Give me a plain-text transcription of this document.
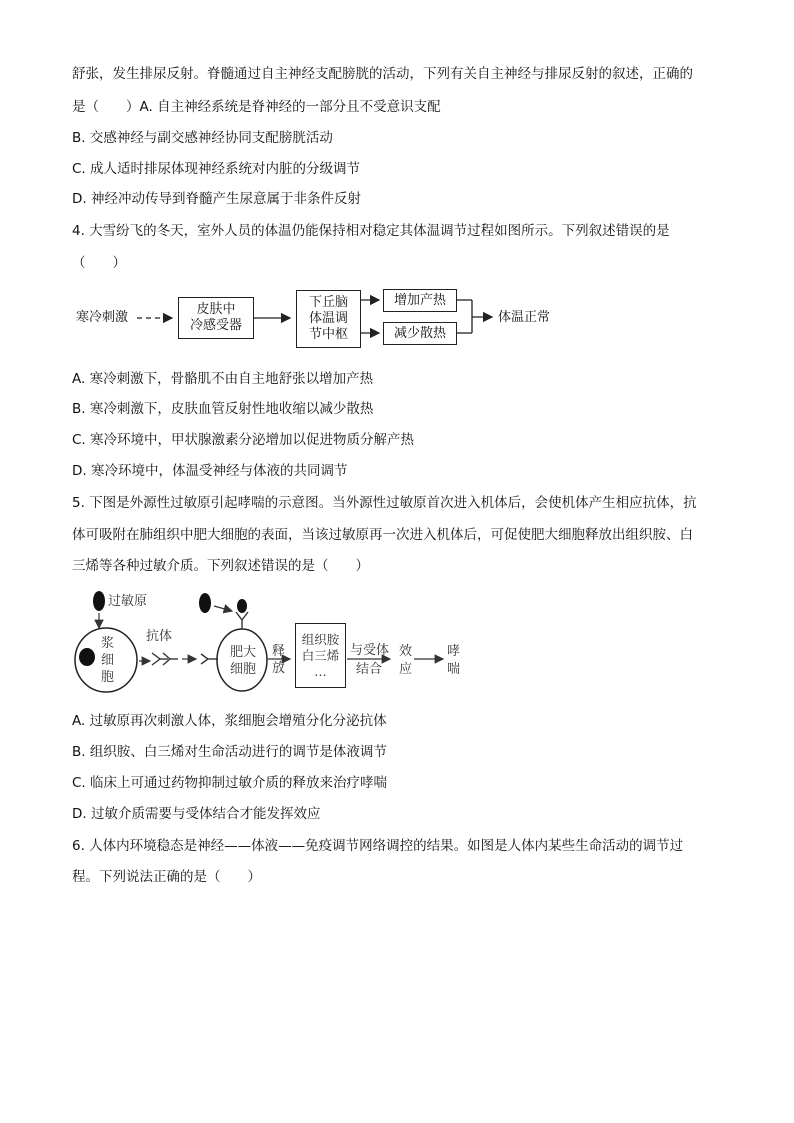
舒张，发生排尿反射。脊髓通过自主神经支配膀胱的活动，下列有关自主神经与排尿反射的叙述，正确的
是（　　）A. 自主神经系统是脊神经的一部分且不受意识支配
B. 交感神经与副交感神经协同支配膀胱活动
C. 成人适时排尿体现神经系统对内脏的分级调节
D. 神经冲动传导到脊髓产生尿意属于非条件反射
4. 大雪纷飞的冬天，室外人员的体温仍能保持相对稳定其体温调节过程如图所示。下列叙述错误的是
（　　）
寒冷刺激
皮肤中
冷感受器
下丘脑
体温调
节中枢
增加产热
减少散热
体温正常
A. 寒冷刺激下，骨骼肌不由自主地舒张以增加产热
B. 寒冷刺激下，皮肤血管反射性地收缩以减少散热
C. 寒冷环境中，甲状腺激素分泌增加以促进物质分解产热
D. 寒冷环境中，体温受神经与体液的共同调节
5. 下图是外源性过敏原引起哮喘的示意图。当外源性过敏原首次进入机体后，会使机体产生相应抗体，抗
体可吸附在肺组织中肥大细胞的表面，当该过敏原再一次进入机体后，可促使肥大细胞释放出组织胺、白
三烯等各种过敏介质。下列叙述错误的是（　　）
过敏原
浆
细
胞
抗体
肥大
细胞
释
放
组织胺
白三烯
…
与受体
结合
效
应
哮
喘
A. 过敏原再次刺激人体，浆细胞会增殖分化分泌抗体
B. 组织胺、白三烯对生命活动进行的调节是体液调节
C. 临床上可通过药物抑制过敏介质的释放来治疗哮喘
D. 过敏介质需要与受体结合才能发挥效应
6. 人体内环境稳态是神经——体液——免疫调节网络调控的结果。如图是人体内某些生命活动的调节过
程。下列说法正确的是（　　）
